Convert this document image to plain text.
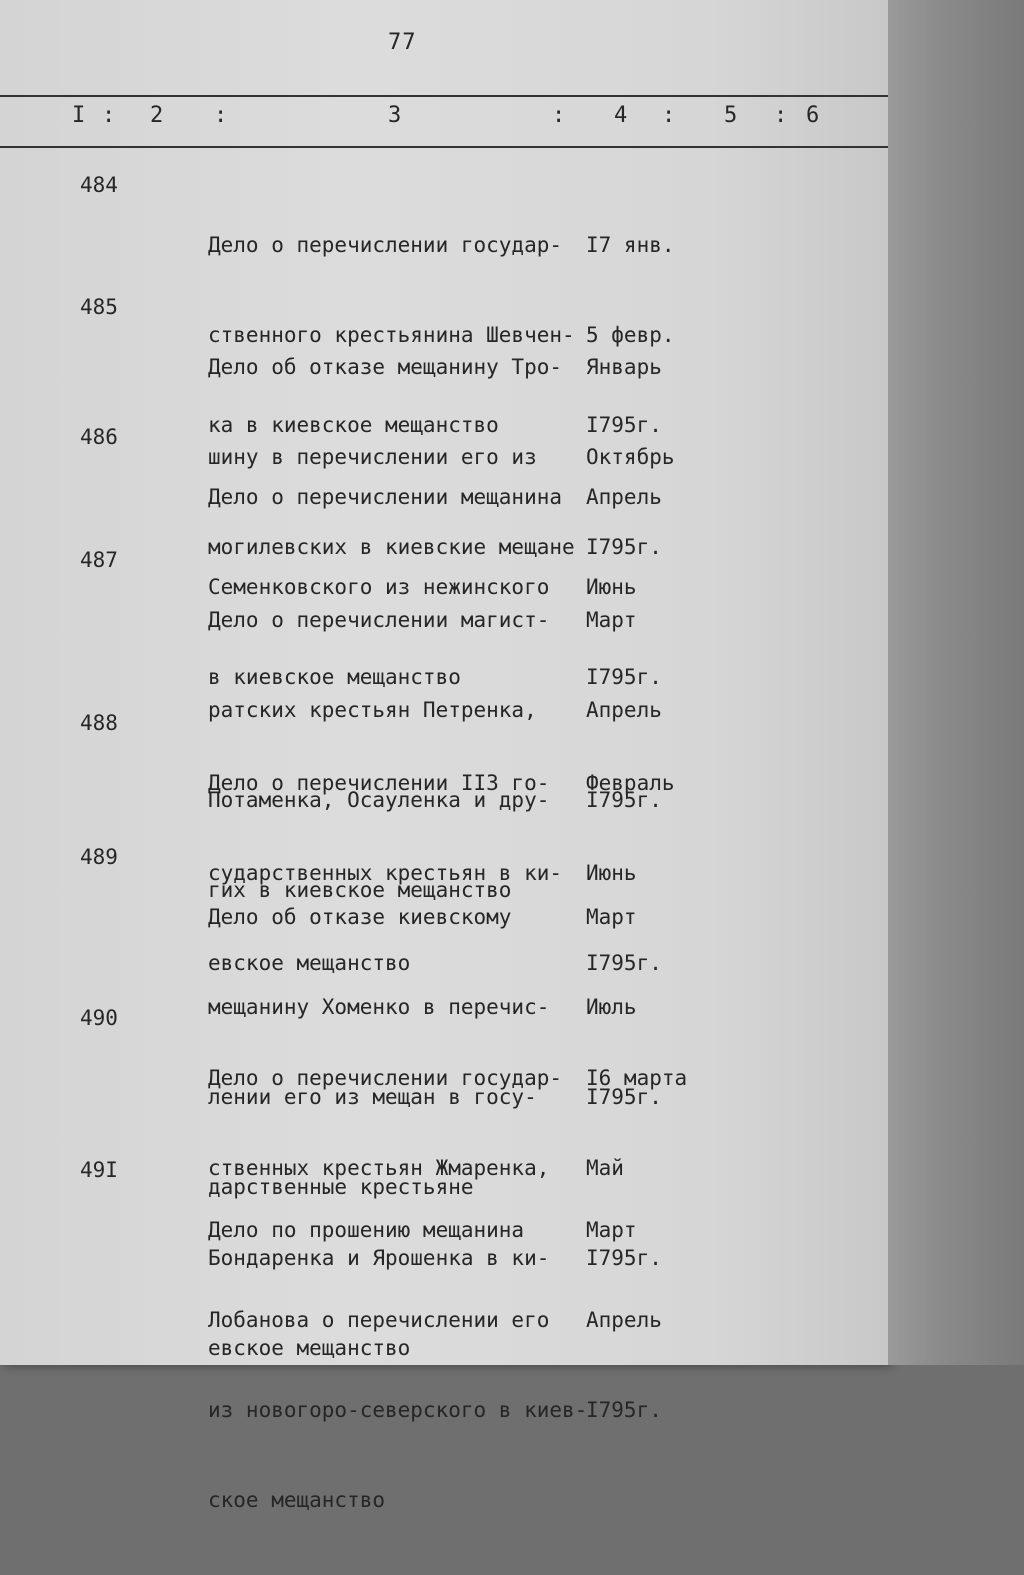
77
I : 2 :	3	: 4 : 5 : 6
484

Дело о перечислении государ-

ственного крестьянина Шевчен-

ка в киевское мещанство

I7 янв.

5 февр.

I795г.

485

Дело об отказе мещанину Тро-

шину в перечислении его из

могилевских в киевские мещане

Январь

Октябрь

I795г.

486

Дело о перечислении мещанина

Семенковского из нежинского

в киевское мещанство

Апрель

Июнь

I795г.

487

Дело о перечислении магист-

ратских крестьян Петренка,

Потаменка, Осауленка и дру-

гих в киевское мещанство

Март

Апрель

I795г.

488

Дело о перечислении II3 го-

сударственных крестьян в ки-

евское мещанство

Февраль

Июнь

I795г.

489

Дело об отказе киевскому

мещанину Хоменко в перечис-

лении его из мещан в госу-

дарственные крестьяне

Март

Июль

I795г.

490

Дело о перечислении государ-

ственных крестьян Жмаренка,

Бондаренка и Ярошенка в ки-

евское мещанство

I6 марта

Май

I795г.

49I

Дело по прошению мещанина

Лобанова о перечислении его

из новогоро-северского в киев-

ское мещанство

Март

Апрель

I795г.
